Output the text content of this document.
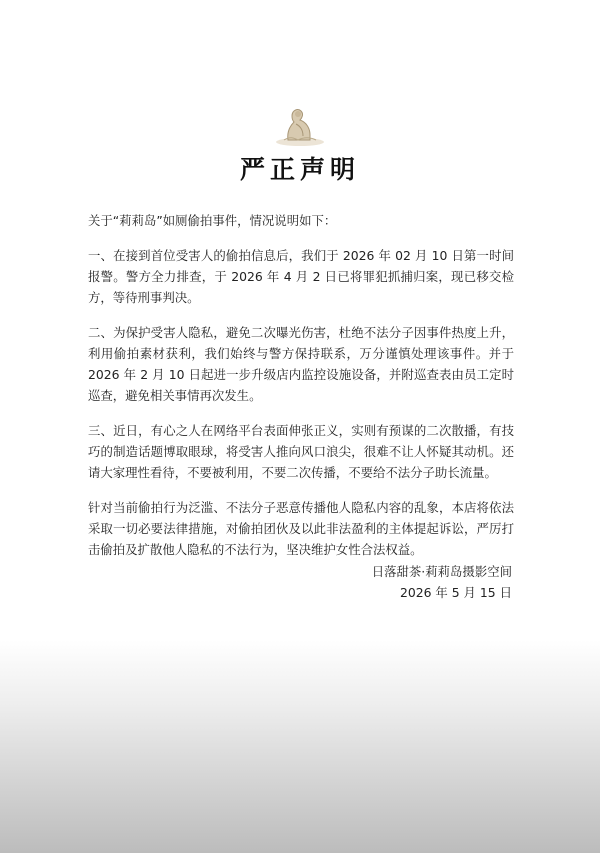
严正声明

关于“莉莉岛”如厕偷拍事件，情况说明如下：

一、在接到首位受害人的偷拍信息后，我们于 2026 年 02 月 10 日第一时间报警。警方全力排查，于 2026 年 4 月 2 日已将罪犯抓捕归案，现已移交检方，等待刑事判决。

二、为保护受害人隐私，避免二次曝光伤害，杜绝不法分子因事件热度上升，利用偷拍素材获利，我们始终与警方保持联系，万分谨慎处理该事件。并于 2026 年 2 月 10 日起进一步升级店内监控设施设备，并附巡查表由员工定时巡查，避免相关事情再次发生。

三、近日，有心之人在网络平台表面伸张正义，实则有预谋的二次散播，有技巧的制造话题博取眼球，将受害人推向风口浪尖，很难不让人怀疑其动机。还请大家理性看待，不要被利用，不要二次传播，不要给不法分子助长流量。

针对当前偷拍行为泛滥、不法分子恶意传播他人隐私内容的乱象，本店将依法采取一切必要法律措施，对偷拍团伙及以此非法盈利的主体提起诉讼，严厉打击偷拍及扩散他人隐私的不法行为，坚决维护女性合法权益。

日落甜茶·莉莉岛摄影空间
2026 年 5 月 15 日
